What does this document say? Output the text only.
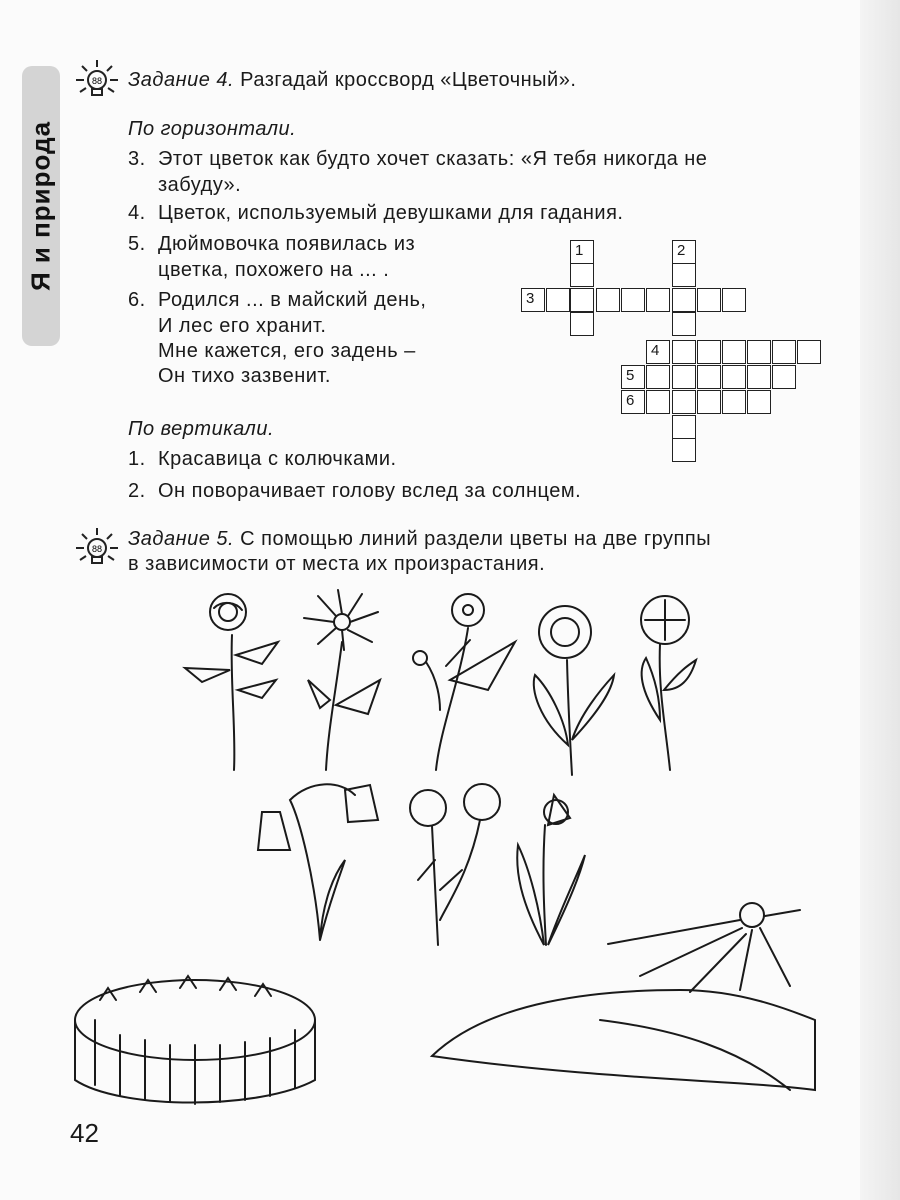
Я и природа
88 Задание 4. Разгадай кроссворд «Цветочный».
По горизонтали.
3. Этот цветок как будто хочет сказать: «Я тебя никогда не
забуду».
4. Цветок, используемый девушками для гадания.
5. Дюймовочка появилась из
цветка, похожего на ... .
6. Родился ... в майский день,
И лес его хранит.
Мне кажется, его задень –
Он тихо зазвенит.
По вертикали.
1. Красавица с колючками.
2. Он поворачивает голову вслед за солнцем.
1	2
3
4
5
6
88 Задание 5. С помощью линий раздели цветы на две группы
в зависимости от места их произрастания.
42
